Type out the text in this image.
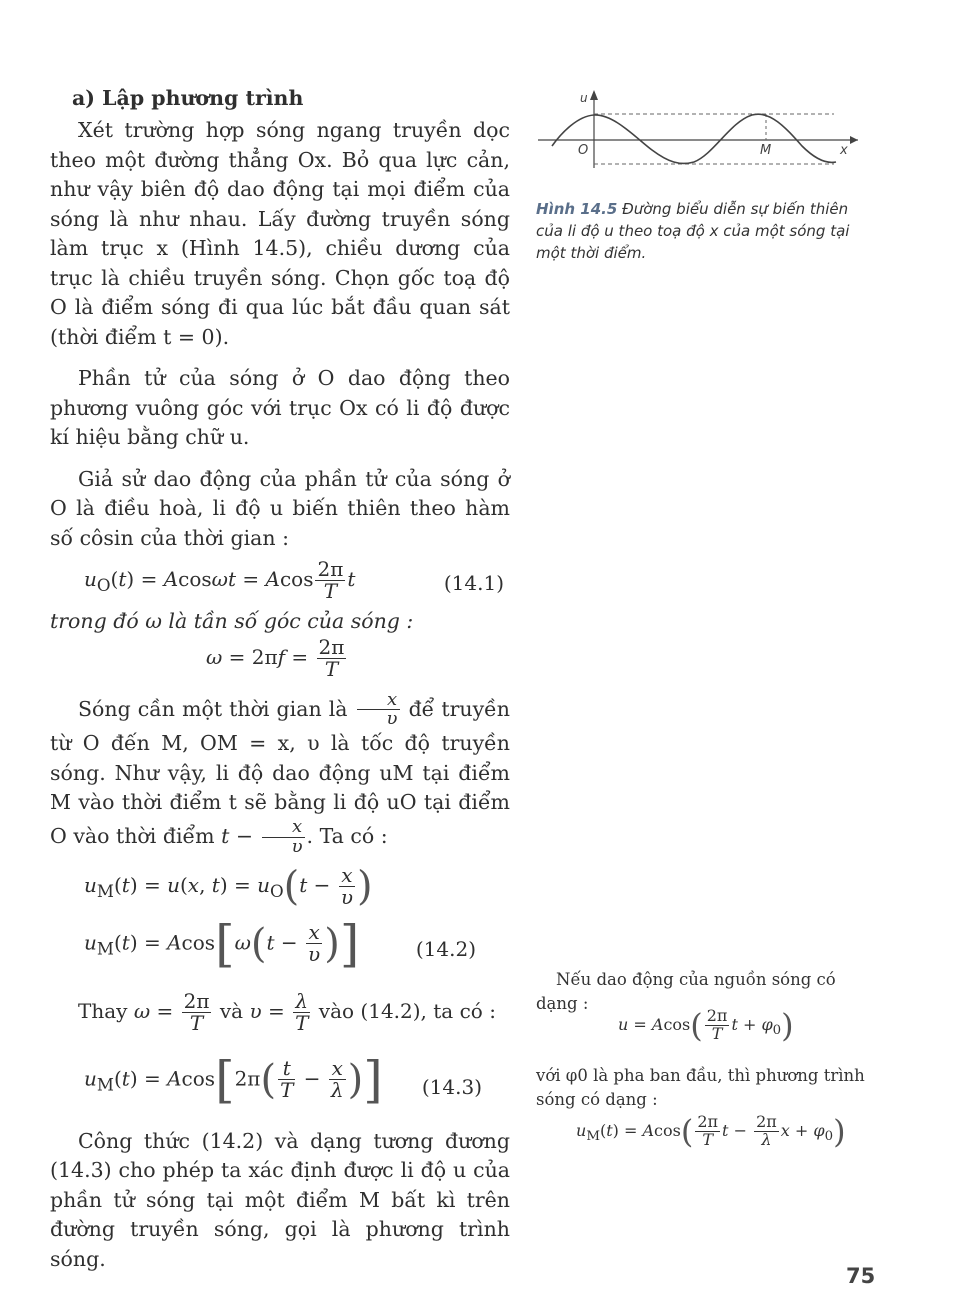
a) Lập phương trình

Xét trường hợp sóng ngang truyền dọc theo một đường thẳng Ox. Bỏ qua lực cản, như vậy biên độ dao động tại mọi điểm của sóng là như nhau. Lấy đường truyền sóng làm trục x (Hình 14.5), chiều dương của trục là chiều truyền sóng. Chọn gốc toạ độ O là điểm sóng đi qua lúc bắt đầu quan sát (thời điểm t = 0).

Phần tử của sóng ở O dao động theo phương vuông góc với trục Ox có li độ được kí hiệu bằng chữ u.

Giả sử dao động của phần tử của sóng ở O là điều hoà, li độ u biến thiên theo hàm số côsin của thời gian :

$u_O(t) = Acos\omega t = Acos \frac{2\pi}{T}$ t	(14.1)

trong đó ω là tần số góc của sóng :

$\omega = 2\pi f = \frac{2\pi}{T}$

Sóng cần một thời gian là $\frac{x}{\upsilon}$ để truyền từ O đến M, OM = x, υ là tốc độ truyền sóng. Như vậy, li độ dao động uM tại điểm M vào thời điểm t sẽ bằng li độ uO tại điểm O vào thời điểm $t - \frac{x}{\upsilon}$ . Ta có :

$u_M(t) = u(x$, $t) = u_O(t - \frac{x}{\upsilon}$ )
$u_M(t) = Acos[\omega(t - \frac{x}{\upsilon}$ )]	(14.2)
Thay $\omega = \frac{2\pi}{T}$ và $\upsilon = \frac{\lambda}{T}$ vào (14.2), ta có :
$u_M(t) = Acos[2\pi( \frac{t}{T} - \frac{x}{\lambda}$ )] (14.3)

Công thức (14.2) và dạng tương đương (14.3) cho phép ta xác định được li độ u của phần tử sóng tại một điểm M bất kì trên đường truyền sóng, gọi là phương trình sóng.

u
O	M	x
Hình 14.5 Đường biểu diễn sự biến thiên của li độ u theo toạ độ x của một sóng tại một thời điểm.
Nếu dao động của nguồn sóng có dạng :
$u = Acos( \frac{2\pi}{T}$ $t + \varphi_0$)
với φ0 là pha ban đầu, thì phương trình sóng có dạng :
$u_M(t) = Acos( \frac{2\pi}{T}$ $t - \frac{2\pi}{\lambda}$ $x + \varphi_0$)
75
